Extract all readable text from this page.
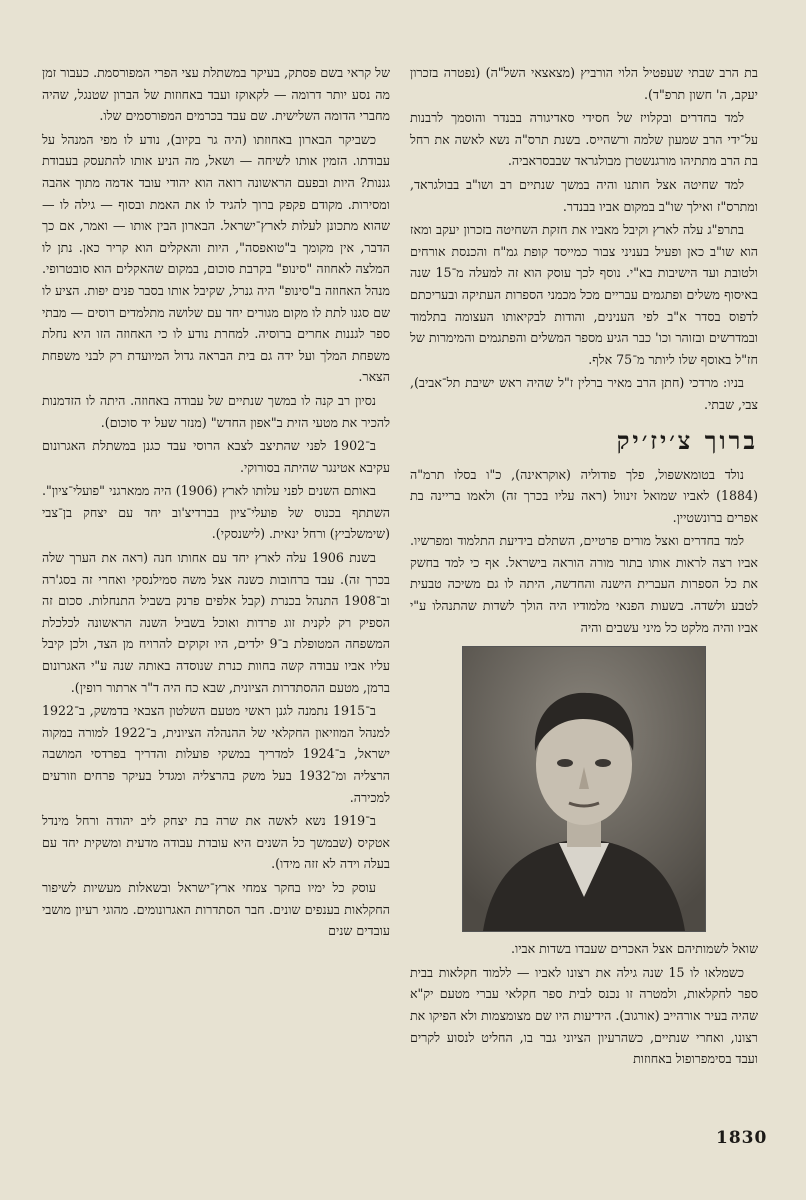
בת הרב שבתי שעפטיל הלוי הורביץ (מצאצאי השל"ה) (נפטרה בזכרון יעקב, ה' חשון תרפ"ד).

למד בחדרים ובקלויז של חסידי סאדיגורה בבנדר והוסמך לרבנות על־ידי הרב שמעון שלמה ורשהייס. בשנת תרס"ה נשא לאשה את רחל בת הרב מתתיהו מורגנשטרן מבולגראד שבבסראביה.

למד שחיטה אצל חותנו והיה במשך שנתיים רב ושו"ב בבולגראד, ומתרס"ז ואילך שו"ב במקום אביו בבנדר.

בתרפ"ג עלה לארץ וקיבל מאביו את חזקת השחיטה בזכרון יעקב ומאז הוא שו"ב כאן ופעיל בעניני צבור כמייסד קופת גמ"ח והכנסת אורחים ולטובת ועד הישיבות בא"י. נוסף לכך עוסק הוא זה למעלה מ־15 שנה באיסוף משלים ופתגמים עבריים מכל מכמני הספרות העתיקה ובעריכתם לדפוס בסדר א"ב לפי הענינים, והודות לבקיאותו העצומה בתלמוד ובמדרשים ובזוהר וכו' כבר הגיע מספר המשלים והפתגמים והמימרות של חז"ל באוסף שלו ליותר מ־75 אלף.

בניו: מרדכי (חתן הרב מאיר ברלין ז"ל שהיה ראש ישיבת תל־אביב), צבי, שבתי.

ברוך צ׳יז׳יק

נולד בטומאשפול, פלך פודוליה (אוקראינה), כ"ו בסלו תרמ"ה (1884) לאביו שמואל זינוול (ראה עליו בכרך זה) ולאמו בריינה בת אפרים ברונשטיין.

למד בחדרים ואצל מורים פרטיים, השתלם בידיעת התלמוד ומפרשיו. אביו רצה לראות אותו בתור מורה הוראה בישראל. אף כי למד בחשק את כל הספרות העברית הישנה והחדשה, היתה לו גם משיכה טבעית לטבע ולשדה. בשעות הפנאי מלמודיו היה הולך לשדות שהתנהלו ע"י אביו והיה מלקט כל מיני עשבים והיה

שואל לשמותיהם אצל האכרים שעבדו בשדות אביו.

כשמלאו לו 15 שנה גילה את רצונו לאביו — ללמוד חקלאות בבית ספר לחקלאות, ולמטרה זו נכנס לבית ספר חקלאי עברי מטעם יק"א שהיה בעיר אורהייב (אורגוב). הידיעות היו שם מצומצמות ולא הפיקו את רצונו, ואחרי שנתיים, כשהרעיון הציוני גבר בו, החליט לנסוע לקרים ועבד בסימפרופול באחוזות

של קראי בשם פסתק, בעיקר במשתלת עצי הפרי המפורסמת. כעבור זמן מה נסע יותר דרומה — לקאוקז ועבד באחוזות של הברון שטנגל, שהיה מחברי הדומה השלישית. שם עבד בכרמים המפורסמים שלו.

כשביקר הבארון באחוזתו (היה גר בקיוב), נודע לו מפי המנהל על עבודתו. הזמין אותו לשיחה — ושאל, מה הניע אותו להתעסק בעבודת גננות? היות ובפעם הראשונה רואה הוא יהודי עובד אדמה מתוך אהבה ומסירות. מקודם פקפק ברוך להגיד לו את האמת ובסוף — גילה לו — שהוא מתכונן לעלות לארץ־ישראל. הבארון הבין אותו — ואמר, אם כך הדבר, אין מקומך ב"טואפסה", היות והאקלים הוא קריר כאן. נתן לו המלצה לאחוזה "סינופ" בקרבת סוכום, במקום שהאקלים הוא סובטרופי. מנהל האחוזה ב"סינופ" היה גנרל, שקיבל אותו בסבר פנים יפות. הציע לו שם סגנו לתת לו מקום מגורים יחד עם שלושה מתלמדים רוסים — מבתי ספר לגננות אחרים ברוסיה. למחרת נודע לו כי האחוזה הזו היא נחלת משפחת המלך ועל ידה גם בית הבראה גדול המיועדת רק לבני משפחת הצאר.

נסיון רב קנה לו במשך שנתיים של עבודה באחוזה. היתה לו הזדמנות להכיר את מטעי הזית ב"אפון החדש" (מנזר שעל יד סוכום).

ב־1902 לפני שהתיצב לצבא הרוסי עבד כגנן במשתלת האגרונום עקיבא אטינגר שהיתה בסורוקי.

באותם השנים לפני עלותו לארץ (1906) היה ממארגני "פועלי־ציון". השתתף בכנוס של פועלי־ציון בברדיצ'וב יחד עם יצחק בן־צבי (שימשלביץ) ורחל ינאית. (לישנסקי).

בשנת 1906 עלה לארץ יחד עם אחותו חנה (ראה את הערך שלה בכרך זה). עבד ברחובות כשנה אצל משה סמילנסקי ואחרי זה בסג'רה וב־1908 התנהל בכנרת (קבל אלפים פרנק בשביל התנחלות. סכום זה הספיק רק לקנית זוג פרדות ואוכל בשביל השנה הראשונה לכלכלת המשפחה המטופלת ב־9 ילדים, היו זקוקים להרויח מן הצד, ולכן קיבל עליו אביו עבודה קשה בחוות כנרת שנוסדה באותה שנה ע"י האגרונום ברמן, מטעם ההסתדרות הציונית, שבא כח היה ד"ר ארתור רופין).

ב־1915 נתמנה לגנן ראשי מטעם השלטון הצבאי בדמשק, ב־1922 למנהל המוזיאון החקלאי של ההנהלה הציונית, ב־1922 למורה במקוה ישראל, ב־1924 למדריך במשקי פועלות והדריך בפרדסי המושבה הרצליה ומ־1932 בעל משק בהרצליה ומגדל בעיקר פרחים וזורעים למכירה.

ב־1919 נשא לאשה את שרה בת יצחק ליב יהודה ורחל מינדל אטקיס (שבמשך כל השנים היא עובדת עבודה מדעית ומשקית יחד עם בעלה וידה לא זזה מידו).

עוסק כל ימיו בחקר צמחי ארץ־ישראל ובשאלות מעשיות לשיפור החקלאות בענפים שונים. חבר הסתדרות האגרונומים. מהוגי רעיון מושבי עובדים שנים

1830
